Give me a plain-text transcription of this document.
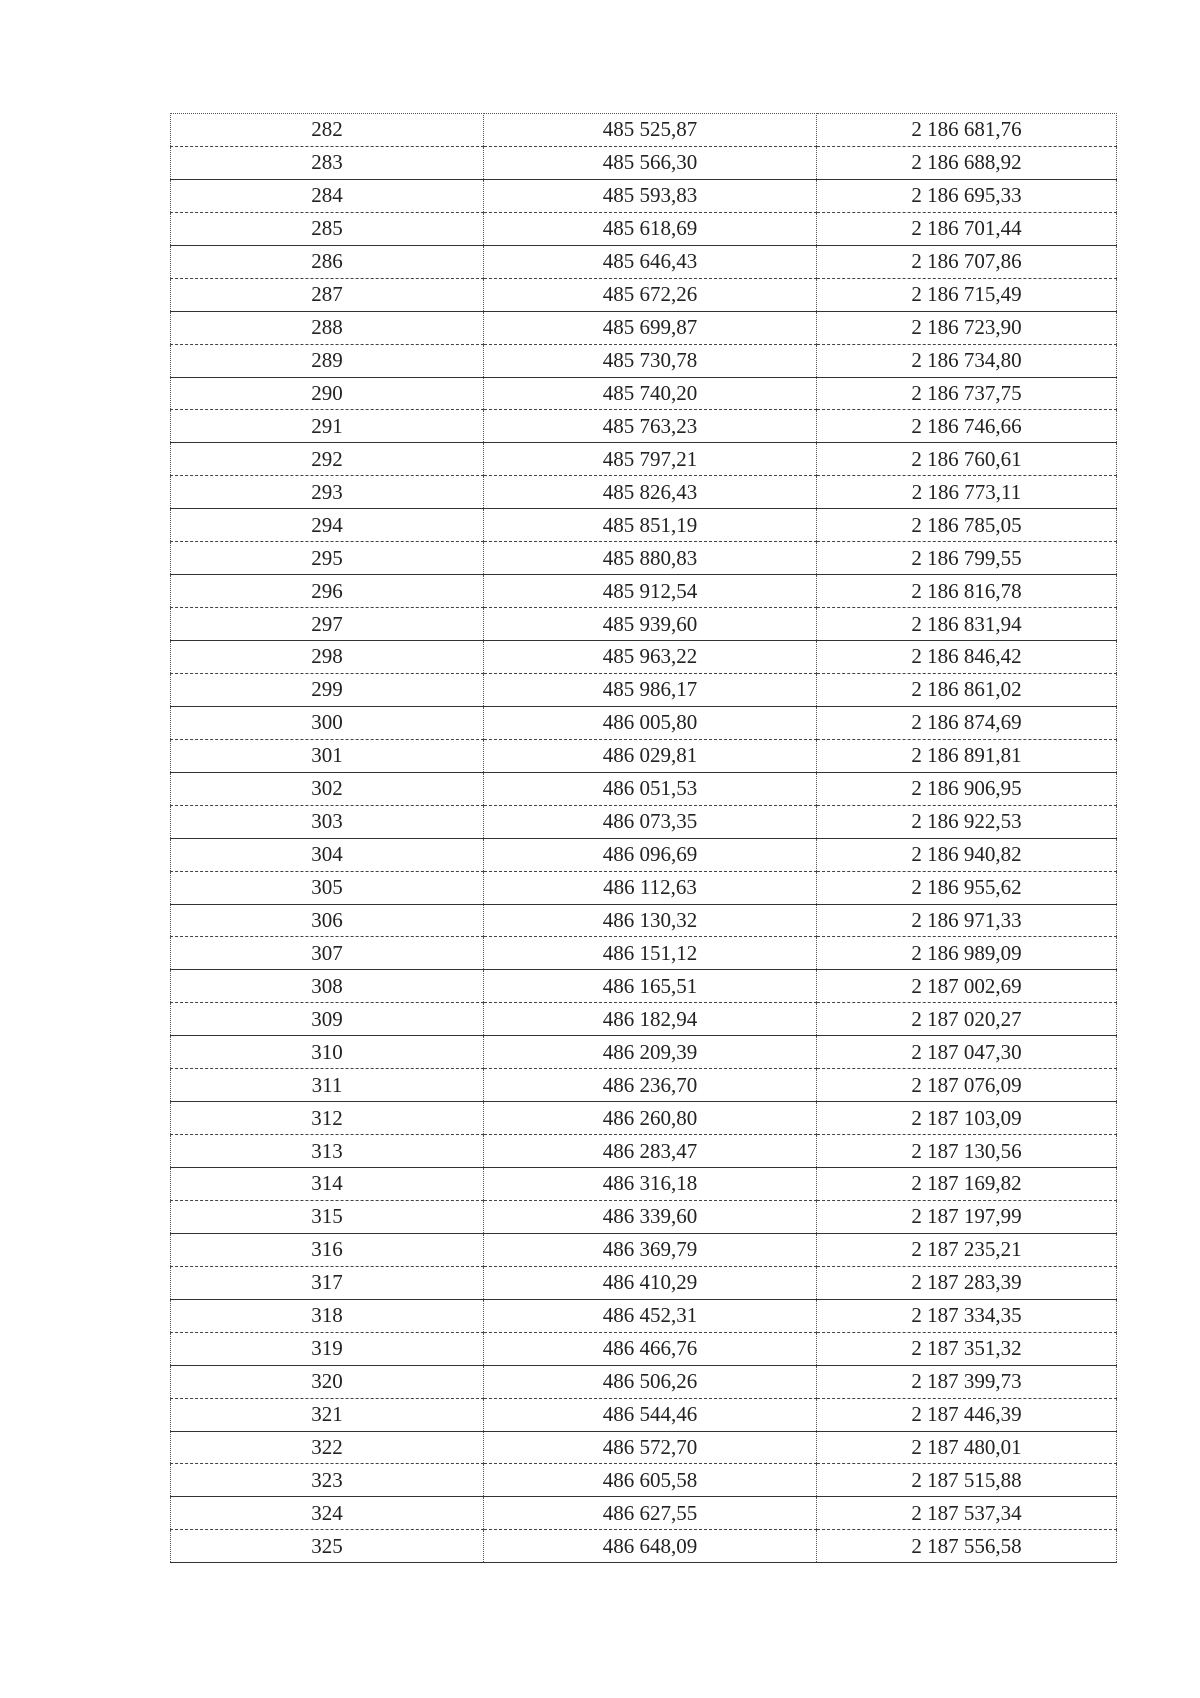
282	485 525,87	2 186 681,76
283	485 566,30	2 186 688,92
284	485 593,83	2 186 695,33
285	485 618,69	2 186 701,44
286	485 646,43	2 186 707,86
287	485 672,26	2 186 715,49
288	485 699,87	2 186 723,90
289	485 730,78	2 186 734,80
290	485 740,20	2 186 737,75
291	485 763,23	2 186 746,66
292	485 797,21	2 186 760,61
293	485 826,43	2 186 773,11
294	485 851,19	2 186 785,05
295	485 880,83	2 186 799,55
296	485 912,54	2 186 816,78
297	485 939,60	2 186 831,94
298	485 963,22	2 186 846,42
299	485 986,17	2 186 861,02
300	486 005,80	2 186 874,69
301	486 029,81	2 186 891,81
302	486 051,53	2 186 906,95
303	486 073,35	2 186 922,53
304	486 096,69	2 186 940,82
305	486 112,63	2 186 955,62
306	486 130,32	2 186 971,33
307	486 151,12	2 186 989,09
308	486 165,51	2 187 002,69
309	486 182,94	2 187 020,27
310	486 209,39	2 187 047,30
311	486 236,70	2 187 076,09
312	486 260,80	2 187 103,09
313	486 283,47	2 187 130,56
314	486 316,18	2 187 169,82
315	486 339,60	2 187 197,99
316	486 369,79	2 187 235,21
317	486 410,29	2 187 283,39
318	486 452,31	2 187 334,35
319	486 466,76	2 187 351,32
320	486 506,26	2 187 399,73
321	486 544,46	2 187 446,39
322	486 572,70	2 187 480,01
323	486 605,58	2 187 515,88
324	486 627,55	2 187 537,34
325	486 648,09	2 187 556,58
